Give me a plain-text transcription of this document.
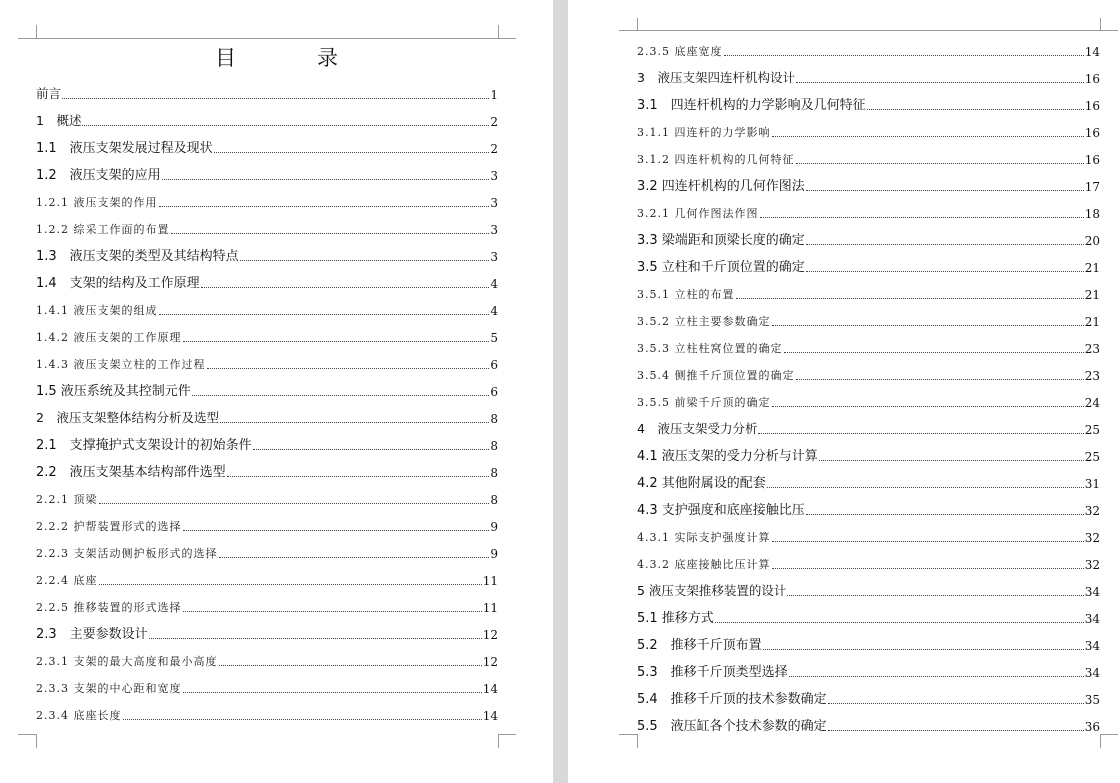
目　录
前言	1
1　概述	2
1.1　液压支架发展过程及现状	2
1.2　液压支架的应用	3
1.2.1 液压支架的作用	3
1.2.2 综采工作面的布置	3
1.3　液压支架的类型及其结构特点	3
1.4　支架的结构及工作原理	4
1.4.1 液压支架的组成	4
1.4.2 液压支架的工作原理	5
1.4.3 液压支架立柱的工作过程	6
1.5 液压系统及其控制元件	6
2　液压支架整体结构分析及选型	8
2.1　支撑掩护式支架设计的初始条件	8
2.2　液压支架基本结构部件选型	8
2.2.1 顶梁	8
2.2.2 护帮装置形式的选择	9
2.2.3 支架活动侧护板形式的选择	9
2.2.4 底座	11
2.2.5 推移装置的形式选择	11
2.3　主要参数设计	12
2.3.1 支架的最大高度和最小高度	12
2.3.3 支架的中心距和宽度	14
2.3.4 底座长度	14
2.3.5 底座宽度	14
3　液压支架四连杆机构设计	16
3.1　四连杆机构的力学影响及几何特征	16
3.1.1 四连杆的力学影响	16
3.1.2 四连杆机构的几何特征	16
3.2 四连杆机构的几何作图法	17
3.2.1 几何作图法作图	18
3.3 梁端距和顶梁长度的确定	20
3.5 立柱和千斤顶位置的确定	21
3.5.1 立柱的布置	21
3.5.2 立柱主要参数确定	21
3.5.3 立柱柱窝位置的确定	23
3.5.4 侧推千斤顶位置的确定	23
3.5.5 前梁千斤顶的确定	24
4　液压支架受力分析	25
4.1 液压支架的受力分析与计算	25
4.2 其他附属设的配套	31
4.3 支护强度和底座接触比压	32
4.3.1 实际支护强度计算	32
4.3.2 底座接触比压计算	32
5 液压支架推移装置的设计	34
5.1 推移方式	34
5.2　推移千斤顶布置	34
5.3　推移千斤顶类型选择	34
5.4　推移千斤顶的技术参数确定	35
5.5　液压缸各个技术参数的确定	36
